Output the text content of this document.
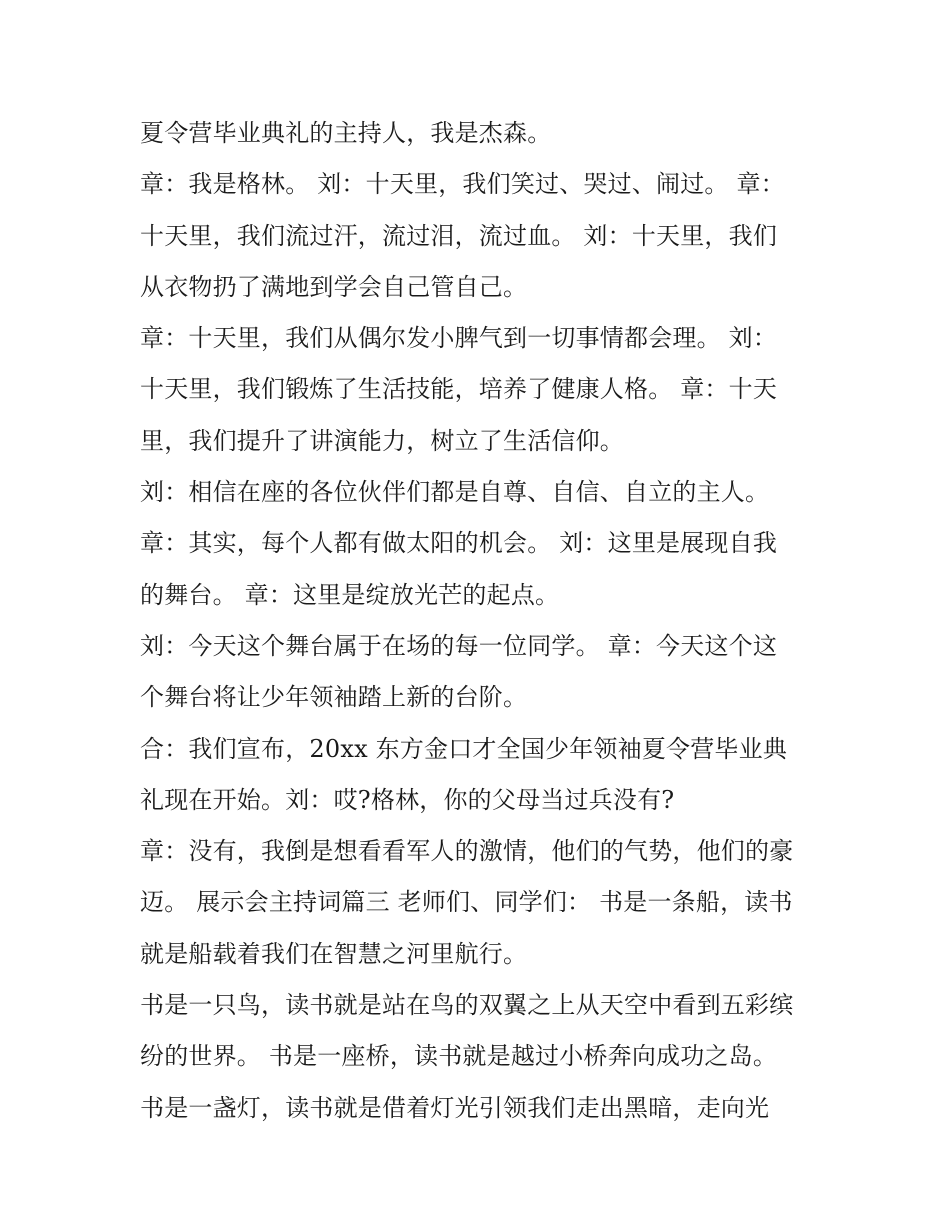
夏令营毕业典礼的主持人，我是杰森。
章：我是格林。 刘：十天里，我们笑过、哭过、闹过。 章：
十天里，我们流过汗，流过泪，流过血。 刘：十天里，我们
从衣物扔了满地到学会自己管自己。
章：十天里，我们从偶尔发小脾气到一切事情都会理。 刘：
十天里，我们锻炼了生活技能，培养了健康人格。 章：十天
里，我们提升了讲演能力，树立了生活信仰。
刘：相信在座的各位伙伴们都是自尊、自信、自立的主人。
章：其实，每个人都有做太阳的机会。 刘：这里是展现自我
的舞台。 章：这里是绽放光芒的起点。
刘：今天这个舞台属于在场的每一位同学。 章：今天这个这
个舞台将让少年领袖踏上新的台阶。
合：我们宣布，20xx 东方金口才全国少年领袖夏令营毕业典
礼现在开始。刘：哎?格林，你的父母当过兵没有?
章：没有，我倒是想看看军人的激情，他们的气势，他们的豪
迈。 展示会主持词篇三 老师们、同学们： 书是一条船，读书
就是船载着我们在智慧之河里航行。
书是一只鸟，读书就是站在鸟的双翼之上从天空中看到五彩缤
纷的世界。 书是一座桥，读书就是越过小桥奔向成功之岛。
书是一盏灯，读书就是借着灯光引领我们走出黑暗，走向光
